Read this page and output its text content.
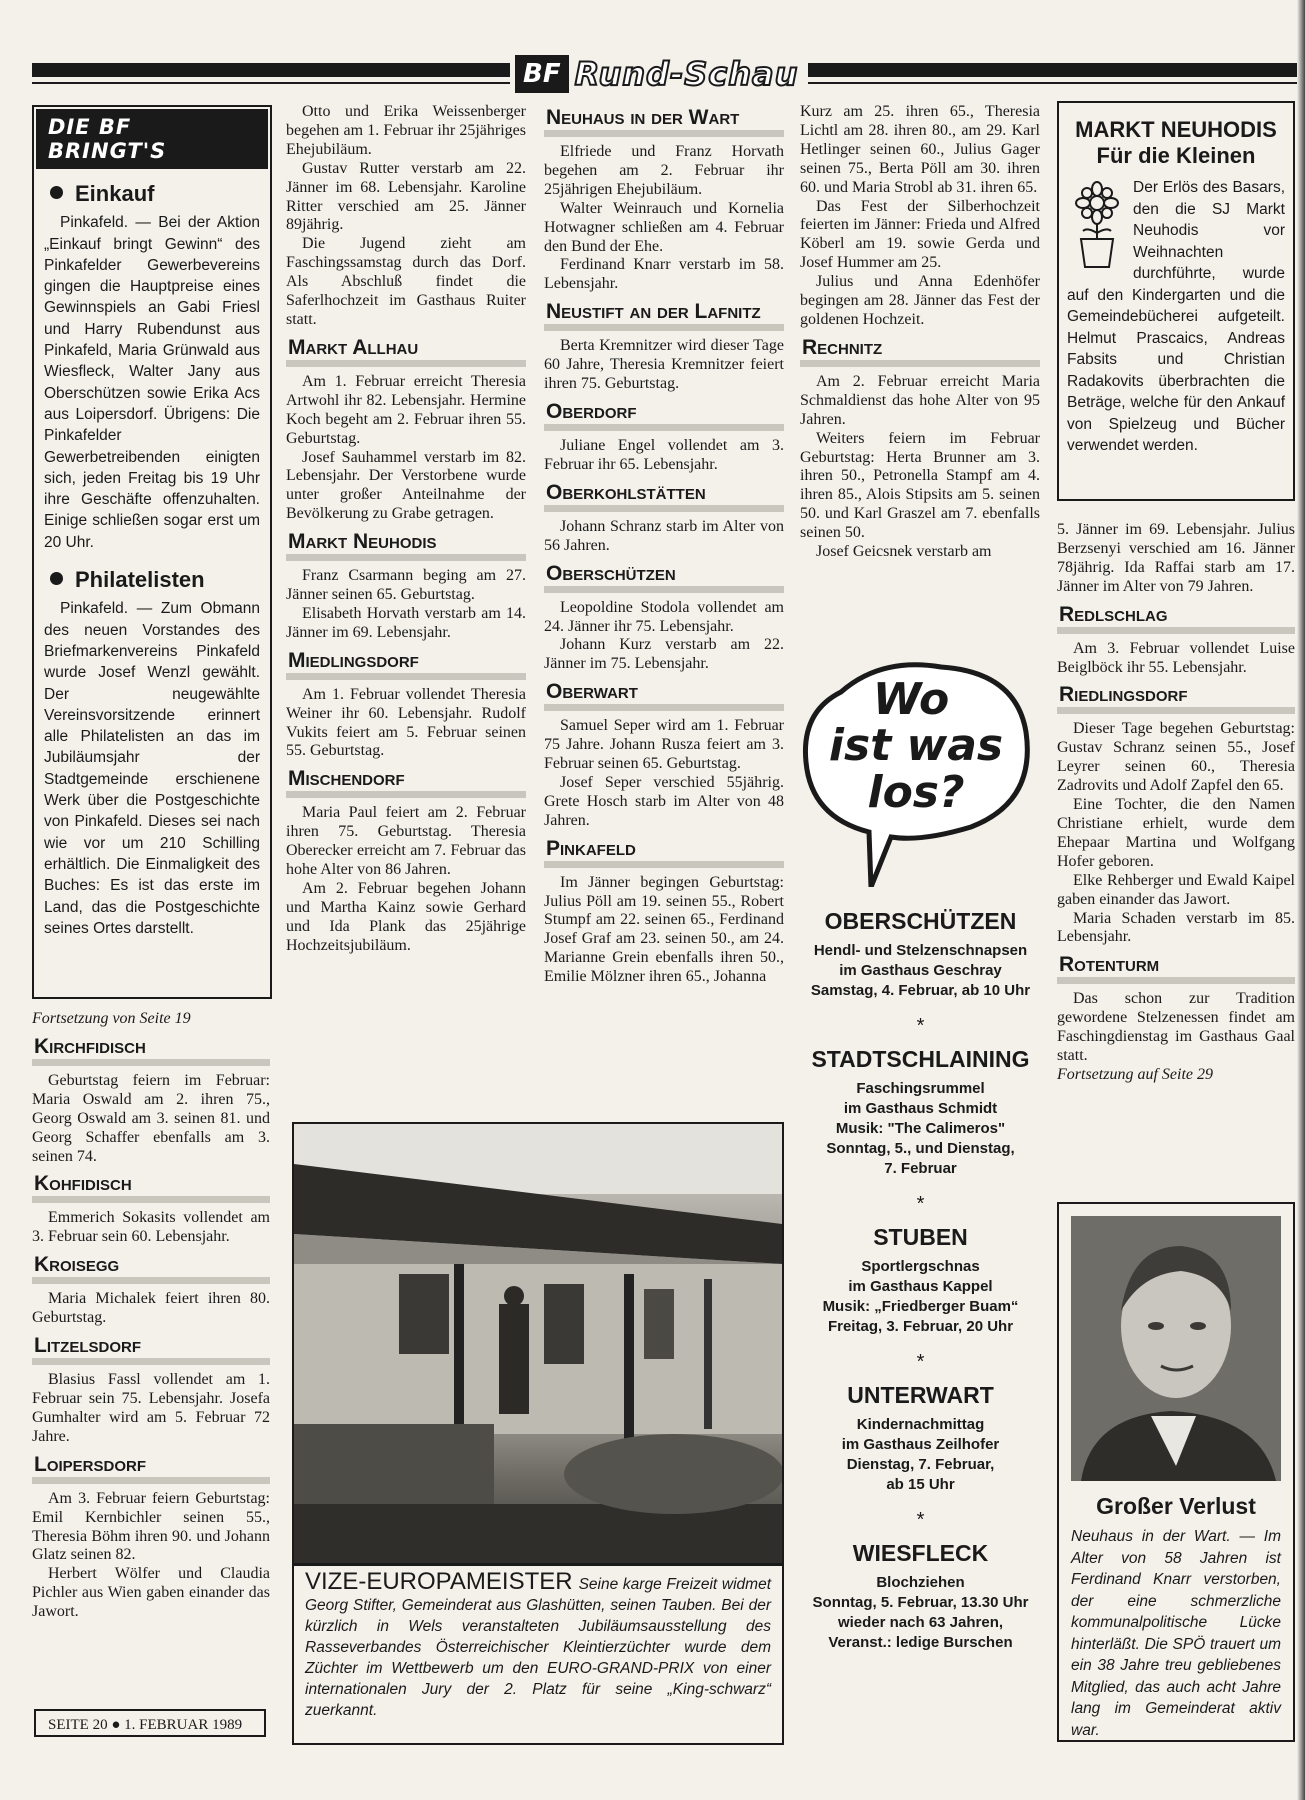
BF Rund-Schau
DIE BF BRINGT'S
Einkauf

Pinkafeld. — Bei der Aktion „Einkauf bringt Gewinn“ des Pinkafelder Gewerbevereins gingen die Hauptpreise eines Gewinnspiels an Gabi Friesl und Harry Rubendunst aus Pinkafeld, Maria Grünwald aus Wiesfleck, Walter Jany aus Oberschützen sowie Erika Acs aus Loipersdorf. Übrigens: Die Pinkafelder Gewerbetreibenden einigten sich, jeden Freitag bis 19 Uhr ihre Geschäfte offenzuhalten. Einige schließen sogar erst um 20 Uhr.

Philatelisten

Pinkafeld. — Zum Obmann des neuen Vorstandes des Briefmarkenvereins Pinkafeld wurde Josef Wenzl gewählt. Der neugewählte Vereinsvorsitzende erinnert alle Philatelisten an das im Jubiläumsjahr der Stadtgemeinde erschienene Werk über die Postgeschichte von Pinkafeld. Dieses sei nach wie vor um 210 Schilling erhältlich. Die Einmaligkeit des Buches: Es ist das erste im Land, das die Postgeschichte seines Ortes darstellt.

Fortsetzung von Seite 19

Kirchfidisch

Geburtstag feiern im Februar: Maria Oswald am 2. ihren 75., Georg Oswald am 3. seinen 81. und Georg Schaffer ebenfalls am 3. seinen 74.

Kohfidisch

Emmerich Sokasits vollendet am 3. Februar sein 60. Lebensjahr.

Kroisegg

Maria Michalek feiert ihren 80. Geburtstag.

Litzelsdorf

Blasius Fassl vollendet am 1. Februar sein 75. Lebensjahr. Josefa Gumhalter wird am 5. Februar 72 Jahre.

Loipersdorf

Am 3. Februar feiern Geburtstag: Emil Kernbichler seinen 55., Theresia Böhm ihren 90. und Johann Glatz seinen 82.

Herbert Wölfer und Claudia Pichler aus Wien gaben einander das Jawort.

Otto und Erika Weissenberger begehen am 1. Februar ihr 25jähriges Ehejubiläum.

Gustav Rutter verstarb am 22. Jänner im 68. Lebensjahr. Karoline Ritter verschied am 25. Jänner 89jährig.

Die Jugend zieht am Faschingssamstag durch das Dorf. Als Abschluß findet die Saferlhochzeit im Gasthaus Ruiter statt.

Markt Allhau

Am 1. Februar erreicht Theresia Artwohl ihr 82. Lebensjahr. Hermine Koch begeht am 2. Februar ihren 55. Geburtstag.

Josef Sauhammel verstarb im 82. Lebensjahr. Der Verstorbene wurde unter großer Anteilnahme der Bevölkerung zu Grabe getragen.

Markt Neuhodis

Franz Csarmann beging am 27. Jänner seinen 65. Geburtstag.

Elisabeth Horvath verstarb am 14. Jänner im 69. Lebensjahr.

Miedlingsdorf

Am 1. Februar vollendet Theresia Weiner ihr 60. Lebensjahr. Rudolf Vukits feiert am 5. Februar seinen 55. Geburtstag.

Mischendorf

Maria Paul feiert am 2. Februar ihren 75. Geburtstag. Theresia Oberecker erreicht am 7. Februar das hohe Alter von 86 Jahren.

Am 2. Februar begehen Johann und Martha Kainz sowie Gerhard und Ida Plank das 25jährige Hochzeitsjubiläum.

Neuhaus in der Wart

Elfriede und Franz Horvath begehen am 2. Februar ihr 25jährigen Ehejubiläum.

Walter Weinrauch und Kornelia Hotwagner schließen am 4. Februar den Bund der Ehe.

Ferdinand Knarr verstarb im 58. Lebensjahr.

Neustift an der Lafnitz

Berta Kremnitzer wird dieser Tage 60 Jahre, Theresia Kremnitzer feiert ihren 75. Geburtstag.

Oberdorf

Juliane Engel vollendet am 3. Februar ihr 65. Lebensjahr.

Oberkohlstätten

Johann Schranz starb im Alter von 56 Jahren.

Oberschützen

Leopoldine Stodola vollendet am 24. Jänner ihr 75. Lebensjahr.

Johann Kurz verstarb am 22. Jänner im 75. Lebensjahr.

Oberwart

Samuel Seper wird am 1. Februar 75 Jahre. Johann Rusza feiert am 3. Februar seinen 65. Geburtstag.

Josef Seper verschied 55jährig. Grete Hosch starb im Alter von 48 Jahren.

Pinkafeld

Im Jänner begingen Geburtstag: Julius Pöll am 19. seinen 55., Robert Stumpf am 22. seinen 65., Ferdinand Josef Graf am 23. seinen 50., am 24. Marianne Grein ebenfalls ihren 50., Emilie Mölzner ihren 65., Johanna

Kurz am 25. ihren 65., Theresia Lichtl am 28. ihren 80., am 29. Karl Hetlinger seinen 60., Julius Gager seinen 75., Berta Pöll am 30. ihren 60. und Maria Strobl ab 31. ihren 65.

Das Fest der Silberhochzeit feierten im Jänner: Frieda und Alfred Köberl am 19. sowie Gerda und Josef Hummer am 25.

Julius und Anna Edenhöfer begingen am 28. Jänner das Fest der goldenen Hochzeit.

Rechnitz

Am 2. Februar erreicht Maria Schmaldienst das hohe Alter von 95 Jahren.

Weiters feiern im Februar Geburtstag: Herta Brunner am 3. ihren 50., Petronella Stampf am 4. ihren 85., Alois Stipsits am 5. seinen 50. und Karl Graszel am 7. ebenfalls seinen 50.

Josef Geicsnek verstarb am

5. Jänner im 69. Lebensjahr. Julius Berzsenyi verschied am 16. Jänner 78jährig. Ida Raffai starb am 17. Jänner im Alter von 79 Jahren.

Redlschlag

Am 3. Februar vollendet Luise Beiglböck ihr 55. Lebensjahr.

Riedlingsdorf

Dieser Tage begehen Geburtstag: Gustav Schranz seinen 55., Josef Leyrer seinen 60., Theresia Zadrovits und Adolf Zapfel den 65.

Eine Tochter, die den Namen Christiane erhielt, wurde dem Ehepaar Martina und Wolfgang Hofer geboren.

Elke Rehberger und Ewald Kaipel gaben einander das Jawort.

Maria Schaden verstarb im 85. Lebensjahr.

Rotenturm

Das schon zur Tradition gewordene Stelzenessen findet am Faschingdienstag im Gasthaus Gaal statt.

Fortsetzung auf Seite 29

MARKT NEUHODIS
Für die Kleinen
Der Erlös des Basars, den die SJ Markt Neuhodis vor Weihnachten durchführte, wurde auf den Kindergarten und die Gemeindebücherei aufgeteilt. Helmut Prascaics, Andreas Fabsits und Christian Radakovits überbrachten die Beträge, welche für den Ankauf von Spielzeug und Bücher verwendet werden.
VIZE-EUROPAMEISTER Seine karge Freizeit widmet Georg Stifter, Gemeinderat aus Glashütten, seinen Tauben. Bei der kürzlich in Wels veranstalteten Jubiläumsausstellung des Rasseverbandes Österreichischer Kleintierzüchter wurde dem Züchter im Wettbewerb um den EURO-GRAND-PRIX von einer internationalen Jury der 2. Platz für seine „King-schwarz“ zuerkannt.
Wo
ist was
los?
OBERSCHÜTZEN
Hendl- und Stelzenschnapsen
im Gasthaus Geschray
Samstag, 4. Februar, ab 10 Uhr
*
STADTSCHLAINING
Faschingsrummel
im Gasthaus Schmidt
Musik: "The Calimeros"
Sonntag, 5., und Dienstag,
7. Februar
*
STUBEN
Sportlergschnas
im Gasthaus Kappel
Musik: „Friedberger Buam“
Freitag, 3. Februar, 20 Uhr
*
UNTERWART
Kindernachmittag
im Gasthaus Zeilhofer
Dienstag, 7. Februar,
ab 15 Uhr
*
WIESFLECK
Blochziehen
Sonntag, 5. Februar, 13.30 Uhr
wieder nach 63 Jahren,
Veranst.: ledige Burschen
Großer Verlust
Neuhaus in der Wart. — Im Alter von 58 Jahren ist Ferdinand Knarr verstorben, der eine schmerzliche kommunalpolitische Lücke hinterläßt. Die SPÖ trauert um ein 38 Jahre treu gebliebenes Mitglied, das auch acht Jahre lang im Gemeinderat aktiv war.
SEITE 20 ● 1. FEBRUAR 1989
